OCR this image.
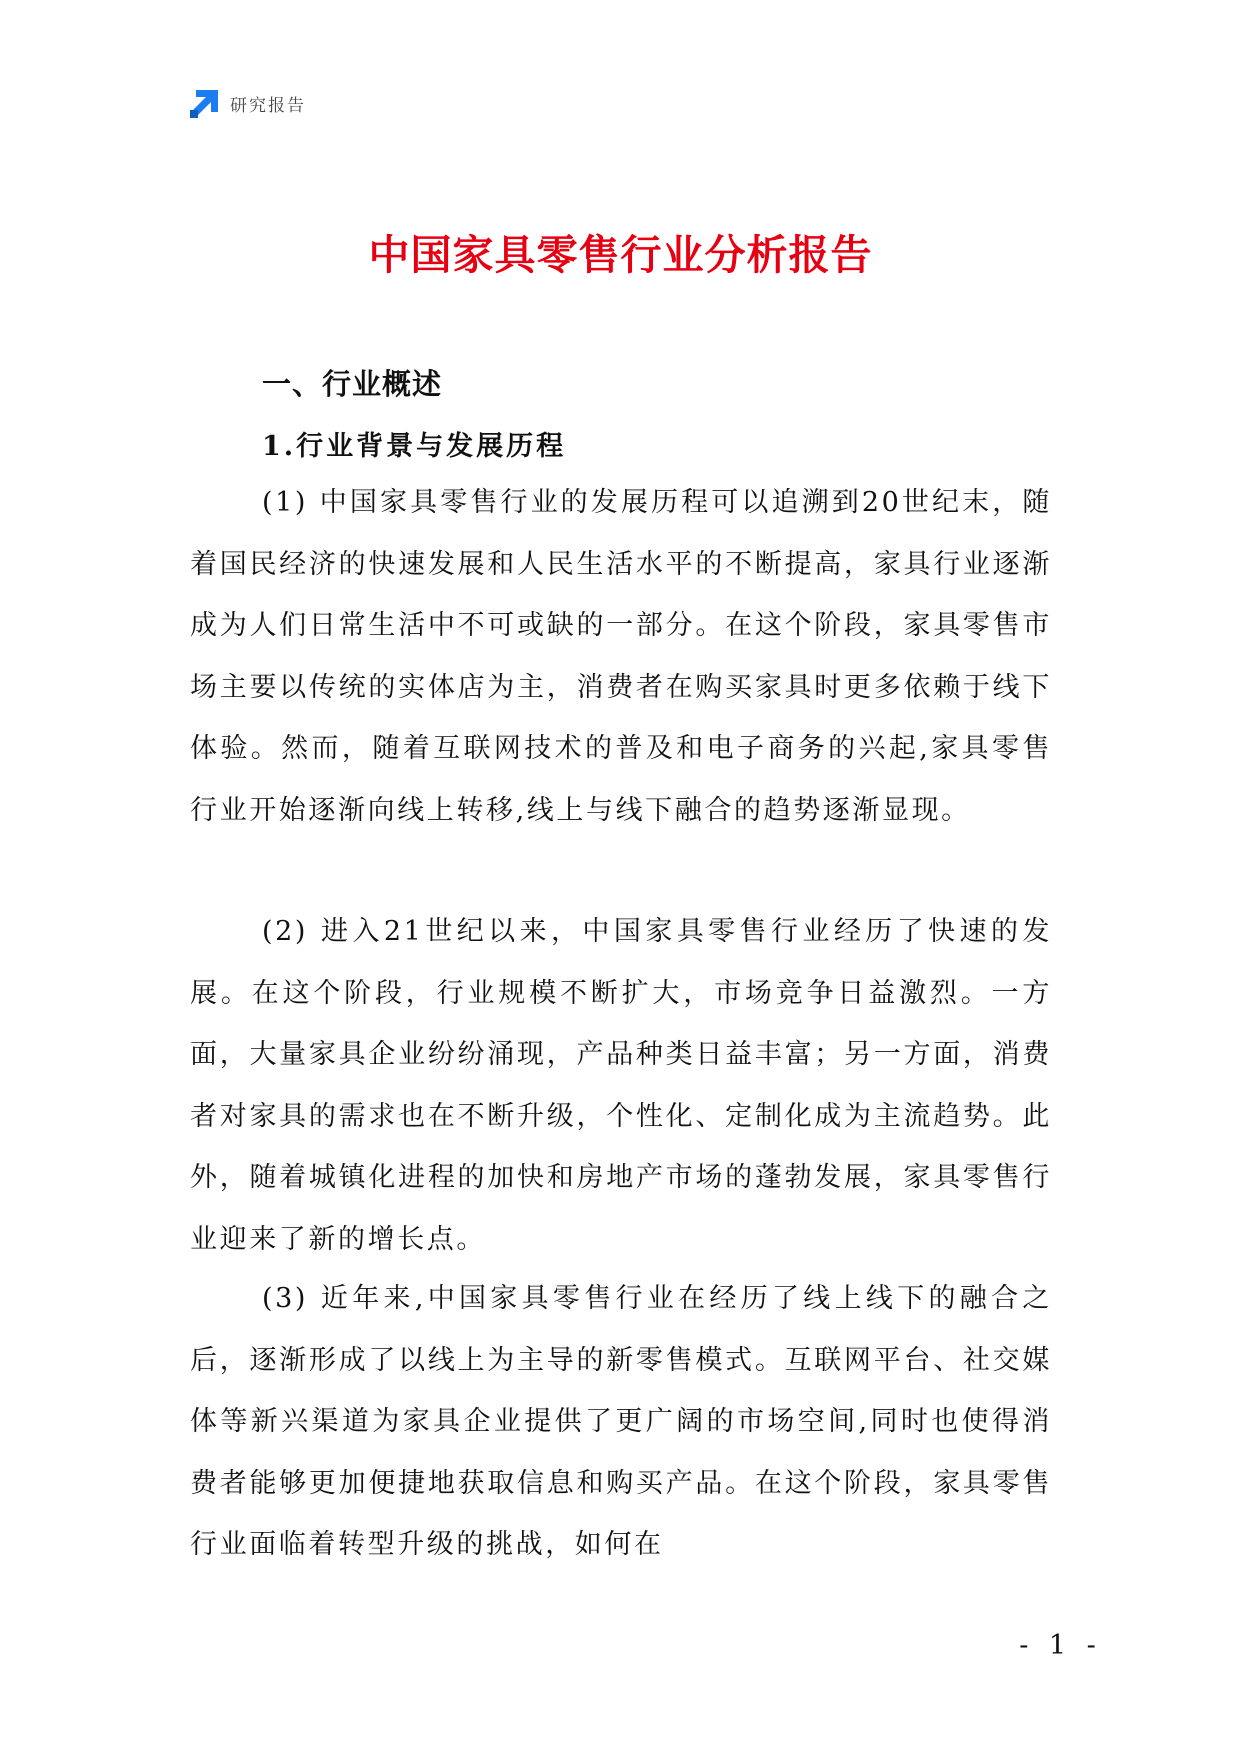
研究报告
中国家具零售行业分析报告
一、行业概述
1.行业背景与发展历程

(1) 中国家具零售行业的发展历程可以追溯到20世纪末，随着国民经济的快速发展和人民生活水平的不断提高，家具行业逐渐成为人们日常生活中不可或缺的一部分。在这个阶段，家具零售市场主要以传统的实体店为主，消费者在购买家具时更多依赖于线下体验。然而，随着互联网技术的普及和电子商务的兴起,家具零售行业开始逐渐向线上转移,线上与线下融合的趋势逐渐显现。

(2) 进入21世纪以来，中国家具零售行业经历了快速的发展。在这个阶段，行业规模不断扩大，市场竞争日益激烈。一方面，大量家具企业纷纷涌现，产品种类日益丰富；另一方面，消费者对家具的需求也在不断升级，个性化、定制化成为主流趋势。此外，随着城镇化进程的加快和房地产市场的蓬勃发展，家具零售行业迎来了新的增长点。

(3) 近年来,中国家具零售行业在经历了线上线下的融合之后，逐渐形成了以线上为主导的新零售模式。互联网平台、社交媒体等新兴渠道为家具企业提供了更广阔的市场空间,同时也使得消费者能够更加便捷地获取信息和购买产品。在这个阶段，家具零售行业面临着转型升级的挑战，如何在

- 1 -
